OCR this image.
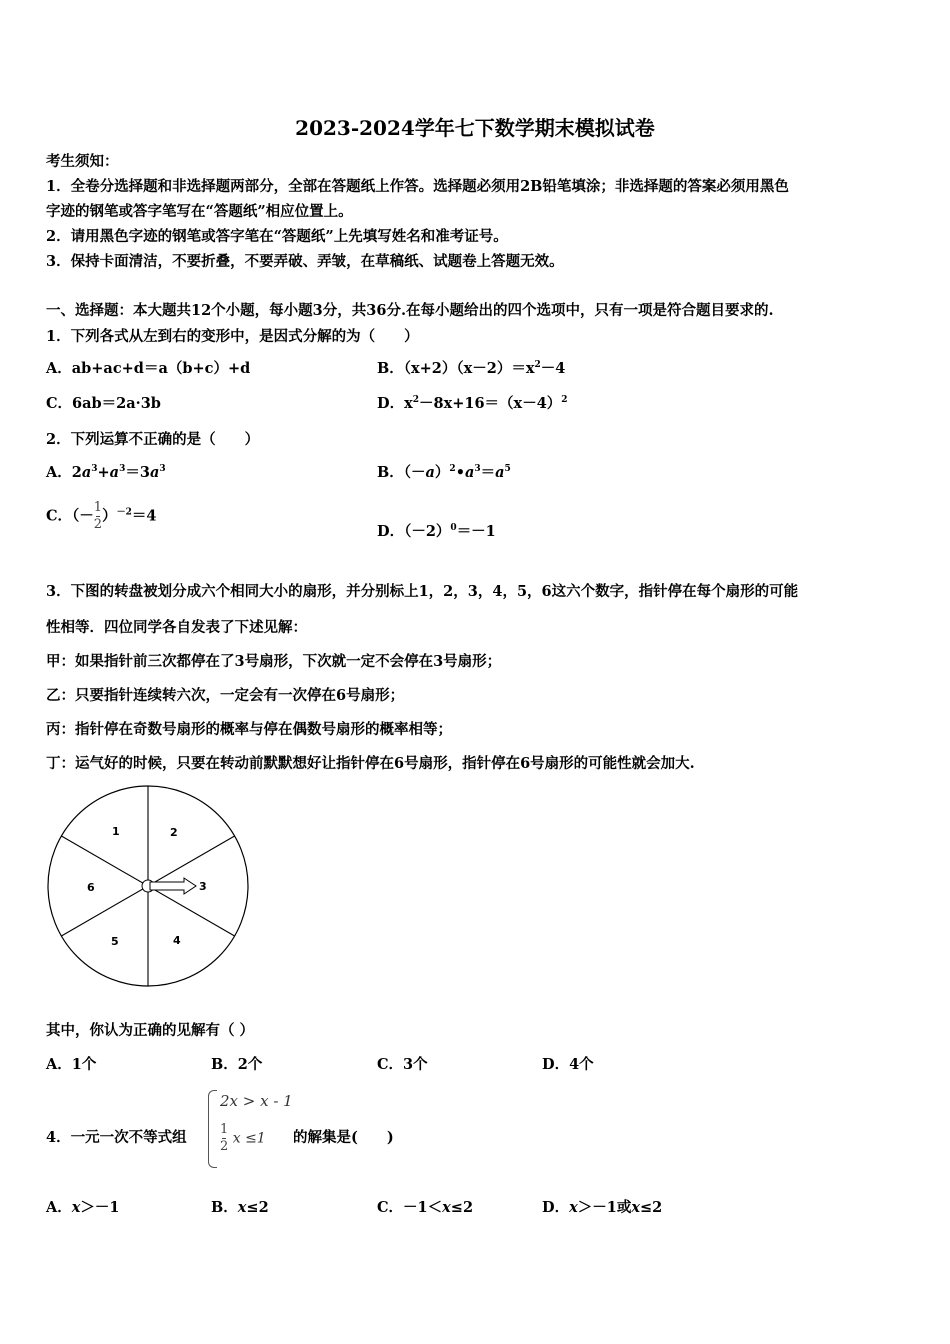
2023-2024学年七下数学期末模拟试卷
考生须知：
1．全卷分选择题和非选择题两部分，全部在答题纸上作答。选择题必须用2B铅笔填涂；非选择题的答案必须用黑色
字迹的钢笔或答字笔写在“答题纸”相应位置上。
2．请用黑色字迹的钢笔或答字笔在“答题纸”上先填写姓名和准考证号。
3．保持卡面清洁，不要折叠，不要弄破、弄皱，在草稿纸、试题卷上答题无效。
一、选择题：本大题共12个小题，每小题3分，共36分.在每小题给出的四个选项中，只有一项是符合题目要求的.
1．下列各式从左到右的变形中，是因式分解的为（　　）
A．ab+ac+d＝a（b+c）+d	B．$(x+2)(x-2)=x^2-4$
C．6ab＝2a·3b	D．$x^2-8x+16=(x-4)^2$
2．下列运算不正确的是（　　）
A．$2a^3+a^3=3a^3$	B．$(-a)^2•a^3=a^5$
C．（－ $\frac{1}{2} )^{-2}=4$
D．$(-2)^0=-1$
3．下图的转盘被划分成六个相同大小的扇形，并分别标上1，2，3，4，5，6这六个数字，指针停在每个扇形的可能
性相等．四位同学各自发表了下述见解：
甲：如果指针前三次都停在了3号扇形，下次就一定不会停在3号扇形；
乙：只要指针连续转六次，一定会有一次停在6号扇形；
丙：指针停在奇数号扇形的概率与停在偶数号扇形的概率相等；
丁：运气好的时候，只要在转动前默默想好让指针停在6号扇形，指针停在6号扇形的可能性就会加大.
1	2
3
4
5
6
其中，你认为正确的见解有（ ）
A．1个	B．2个	C．3个	D．4个
4．一元一次不等式组
2x > x - 1
$\frac{1}{2}$ x ≤1 的解集是(　　)
A．x＞－1	B．x≤2	C．－1＜x≤2	D．x＞－1或x≤2
